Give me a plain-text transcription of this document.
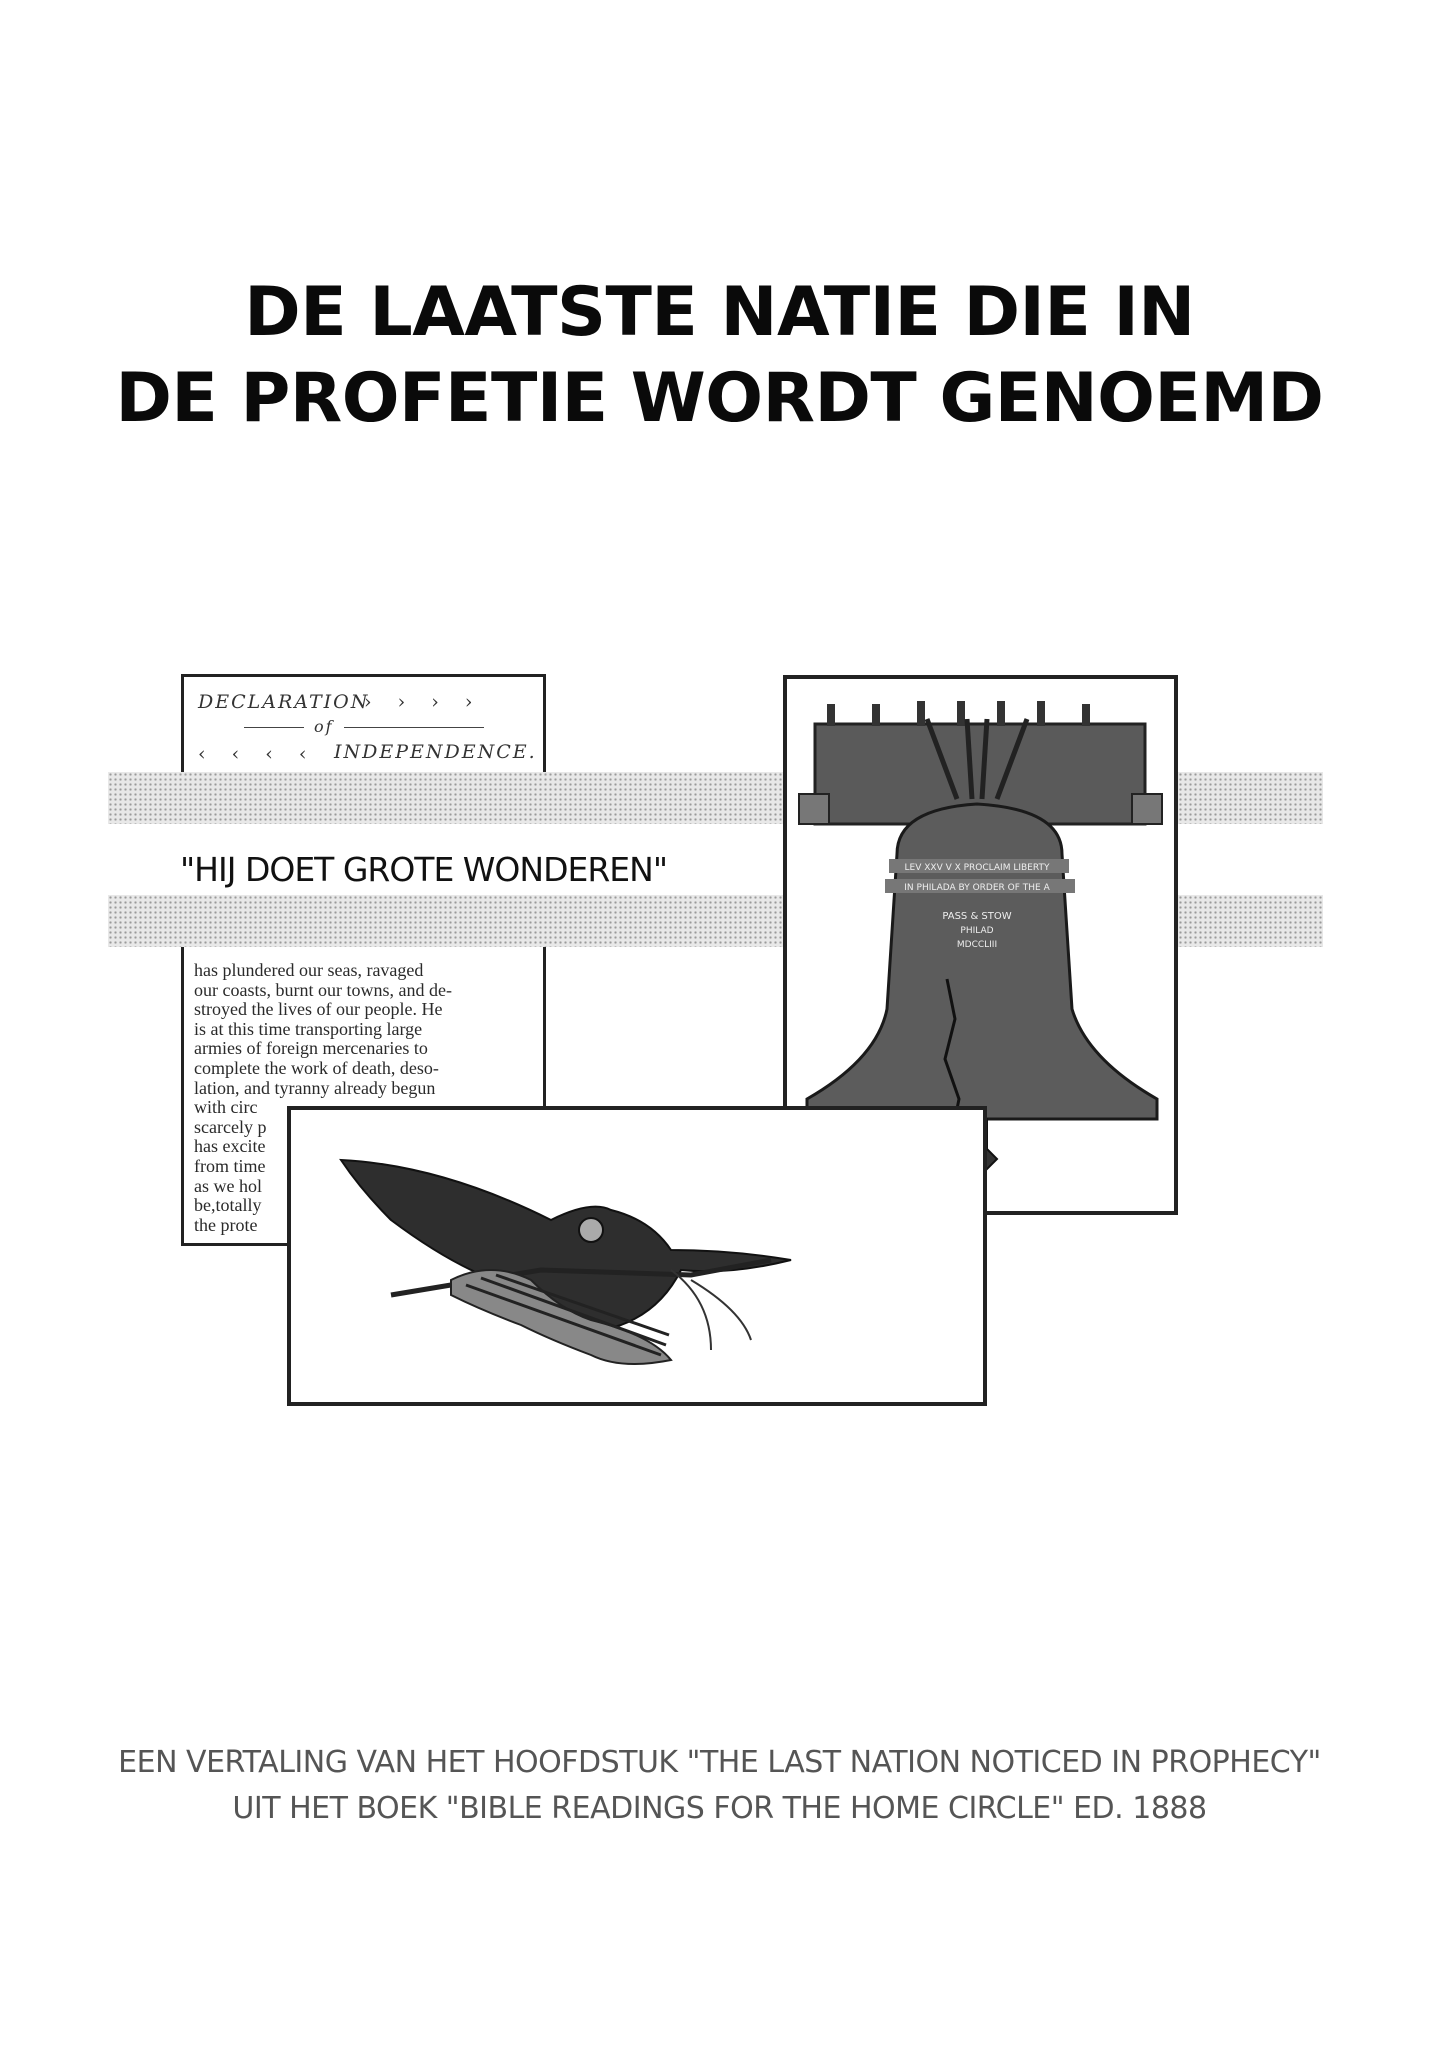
DE LAATSTE NATIE DIE IN
DE PROFETIE WORDT GENOEMD
DECLARATION
› › › ›
of
‹ ‹ ‹ ‹ INDEPENDENCE.
has plundered our seas, ravaged
our coasts, burnt our towns, and de-
stroyed the lives of our people. He
is at this time transporting large
armies of foreign mercenaries to
complete the work of death, deso-
lation, and tyranny already begun
with circ
scarcely p
has excite
from time
as we hol
be,totally
the prote
"HIJ DOET GROTE WONDEREN"	LEV XXV V X PROCLAIM LIBERTY
IN PHILADA BY ORDER OF THE A
PASS & STOW
PHILAD
MDCCLIII
EEN VERTALING VAN HET HOOFDSTUK "THE LAST NATION NOTICED IN PROPHECY"
UIT HET BOEK "BIBLE READINGS FOR THE HOME CIRCLE" ED. 1888
